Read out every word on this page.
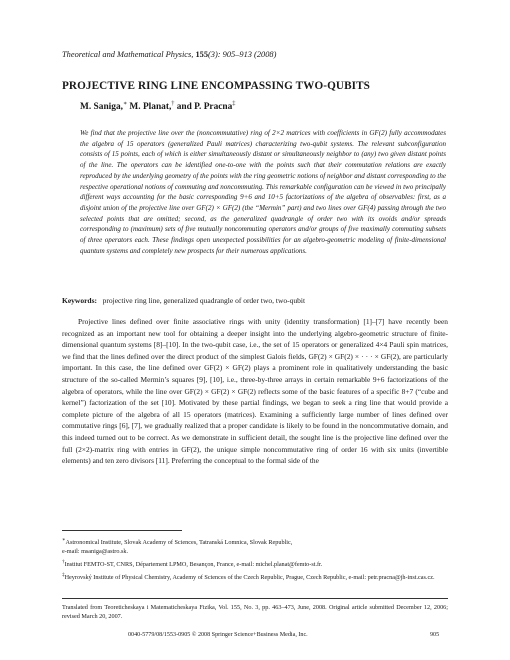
Theoretical and Mathematical Physics, 155(3): 905–913 (2008)
PROJECTIVE RING LINE ENCOMPASSING TWO-QUBITS
M. Saniga,∗ M. Planat,† and P. Pracna‡
We find that the projective line over the (noncommutative) ring of 2×2 matrices with coefficients in GF(2) fully accommodates the algebra of 15 operators (generalized Pauli matrices) characterizing two-qubit systems. The relevant subconfiguration consists of 15 points, each of which is either simultaneously distant or simultaneously neighbor to (any) two given distant points of the line. The operators can be identified one-to-one with the points such that their commutation relations are exactly reproduced by the underlying geometry of the points with the ring geometric notions of neighbor and distant corresponding to the respective operational notions of commuting and noncommuting. This remarkable configuration can be viewed in two principally different ways accounting for the basic corresponding 9+6 and 10+5 factorizations of the algebra of observables: first, as a disjoint union of the projective line over GF(2) × GF(2) (the “Mermin” part) and two lines over GF(4) passing through the two selected points that are omitted; second, as the generalized quadrangle of order two with its ovoids and/or spreads corresponding to (maximum) sets of five mutually noncommuting operators and/or groups of five maximally commuting subsets of three operators each. These findings open unexpected possibilities for an algebro-geometric modeling of finite-dimensional quantum systems and completely new prospects for their numerous applications.
Keywords: projective ring line, generalized quadrangle of order two, two-qubit
Projective lines defined over finite associative rings with unity (identity transformation) [1]–[7] have recently been recognized as an important new tool for obtaining a deeper insight into the underlying algebro-geometric structure of finite-dimensional quantum systems [8]–[10]. In the two-qubit case, i.e., the set of 15 operators or generalized 4×4 Pauli spin matrices, we find that the lines defined over the direct product of the simplest Galois fields, GF(2) × GF(2) × · · · × GF(2), are particularly important. In this case, the line defined over GF(2) × GF(2) plays a prominent role in qualitatively understanding the basic structure of the so-called Mermin’s squares [9], [10], i.e., three-by-three arrays in certain remarkable 9+6 factorizations of the algebra of operators, while the line over GF(2) × GF(2) × GF(2) reflects some of the basic features of a specific 8+7 (“cube and kernel”) factorization of the set [10]. Motivated by these partial findings, we began to seek a ring line that would provide a complete picture of the algebra of all 15 operators (matrices). Examining a sufficiently large number of lines defined over commutative rings [6], [7], we gradually realized that a proper candidate is likely to be found in the noncommutative domain, and this indeed turned out to be correct. As we demonstrate in sufficient detail, the sought line is the projective line defined over the full (2×2)-matrix ring with entries in GF(2), the unique simple noncommutative ring of order 16 with six units (invertible elements) and ten zero divisors [11]. Preferring the conceptual to the formal side of the

∗Astronomical Institute, Slovak Academy of Sciences, Tatranská Lomnica, Slovak Republic,
e-mail: msaniga@astro.sk.

†Institut FEMTO-ST, CNRS, Département LPMO, Besançon, France, e-mail: michel.planat@femto-st.fr.

‡Heyrovský Institute of Physical Chemistry, Academy of Sciences of the Czech Republic, Prague, Czech Republic, e-mail: petr.pracna@jh-inst.cas.cz.

Translated from Teoreticheskaya i Matematicheskaya Fizika, Vol. 155, No. 3, pp. 463–473, June, 2008. Original article submitted December 12, 2006; revised March 20, 2007.
0040-5779/08/1553-0905 © 2008 Springer Science+Business Media, Inc.	905
